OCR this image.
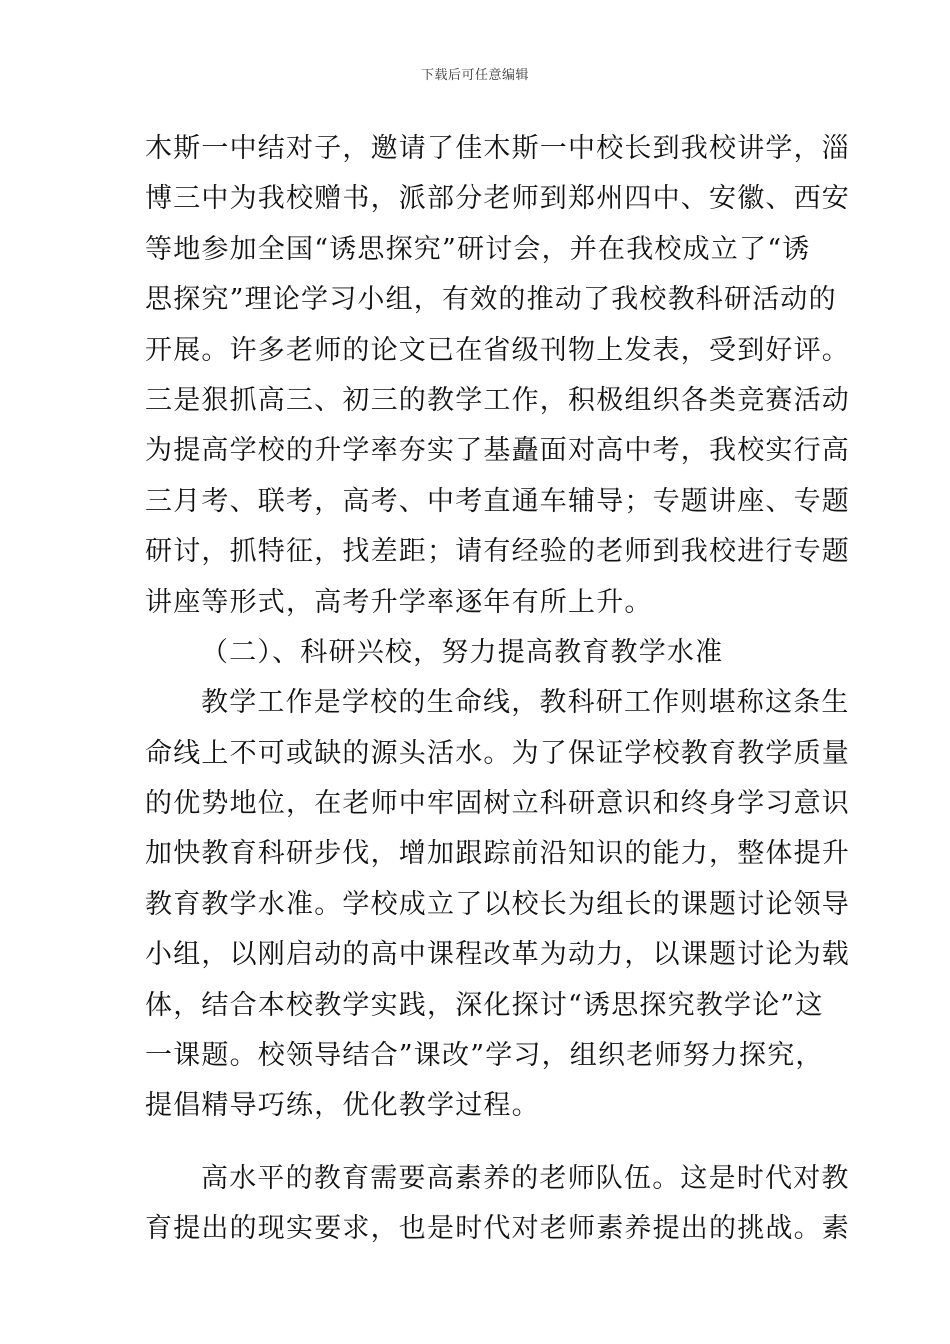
下载后可任意编辑
木斯一中结对子，邀请了佳木斯一中校长到我校讲学，淄
博三中为我校赠书，派部分老师到郑州四中、安徽、西安
等地参加全国“诱思探究”研讨会，并在我校成立了“诱
思探究”理论学习小组，有效的推动了我校教科研活动的
开展。许多老师的论文已在省级刊物上发表，受到好评。
三是狠抓高三、初三的教学工作，积极组织各类竞赛活动
为提高学校的升学率夯实了基矗面对高中考，我校实行高
三月考、联考，高考、中考直通车辅导；专题讲座、专题
研讨，抓特征，找差距；请有经验的老师到我校进行专题
讲座等形式，高考升学率逐年有所上升。
（二）、科研兴校，努力提高教育教学水准
教学工作是学校的生命线，教科研工作则堪称这条生
命线上不可或缺的源头活水。为了保证学校教育教学质量
的优势地位，在老师中牢固树立科研意识和终身学习意识
加快教育科研步伐，增加跟踪前沿知识的能力，整体提升
教育教学水准。学校成立了以校长为组长的课题讨论领导
小组，以刚启动的高中课程改革为动力，以课题讨论为载
体，结合本校教学实践，深化探讨“诱思探究教学论”这
一课题。校领导结合”课改”学习，组织老师努力探究，
提倡精导巧练，优化教学过程。
高水平的教育需要高素养的老师队伍。这是时代对教
育提出的现实要求，也是时代对老师素养提出的挑战。素
